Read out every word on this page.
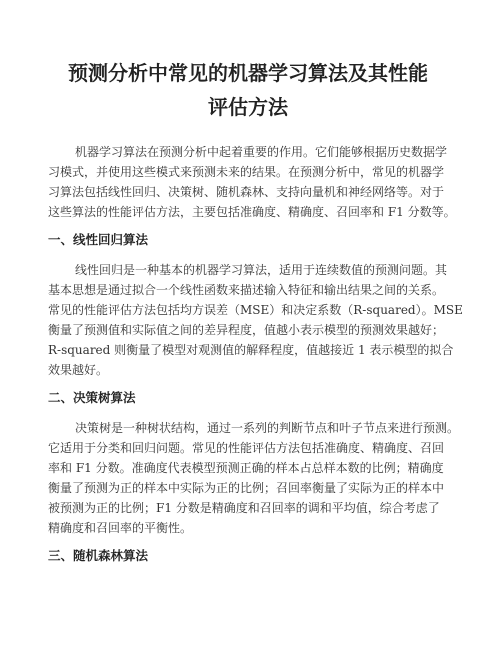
预测分析中常见的机器学习算法及其性能
评估方法
机器学习算法在预测分析中起着重要的作用。它们能够根据历史数据学
习模式，并使用这些模式来预测未来的结果。在预测分析中，常见的机器学
习算法包括线性回归、决策树、随机森林、支持向量机和神经网络等。对于
这些算法的性能评估方法，主要包括准确度、精确度、召回率和 F1 分数等。
一、线性回归算法
线性回归是一种基本的机器学习算法，适用于连续数值的预测问题。其
基本思想是通过拟合一个线性函数来描述输入特征和输出结果之间的关系。
常见的性能评估方法包括均方误差（MSE）和决定系数（R-squared）。MSE
衡量了预测值和实际值之间的差异程度，值越小表示模型的预测效果越好；
R-squared 则衡量了模型对观测值的解释程度，值越接近 1 表示模型的拟合
效果越好。
二、决策树算法
决策树是一种树状结构，通过一系列的判断节点和叶子节点来进行预测。
它适用于分类和回归问题。常见的性能评估方法包括准确度、精确度、召回
率和 F1 分数。准确度代表模型预测正确的样本占总样本数的比例；精确度
衡量了预测为正的样本中实际为正的比例；召回率衡量了实际为正的样本中
被预测为正的比例；F1 分数是精确度和召回率的调和平均值，综合考虑了
精确度和召回率的平衡性。
三、随机森林算法
